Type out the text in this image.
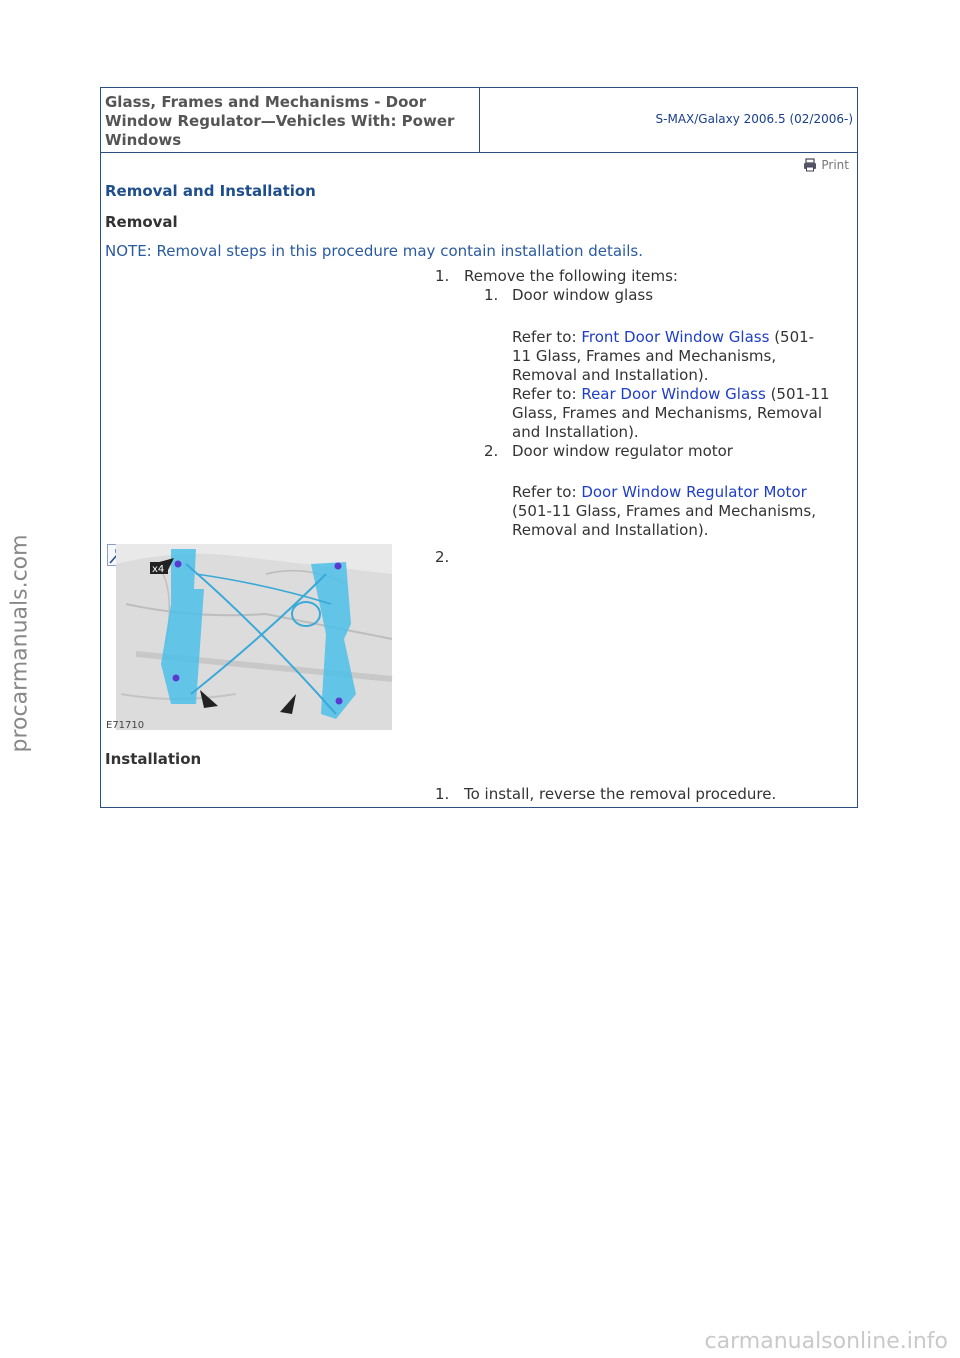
Glass, Frames and Mechanisms - Door Window Regulator—Vehicles With: Power Windows
S-MAX/Galaxy 2006.5 (02/2006-)
Print
Removal and Installation
Removal
NOTE: Removal steps in this procedure may contain installation details.
1. Remove the following items:
1. Door window glass
Refer to: Front Door Window Glass (501-
11 Glass, Frames and Mechanisms,
Removal and Installation).
Refer to: Rear Door Window Glass (501-11
Glass, Frames and Mechanisms, Removal
and Installation).
2. Door window regulator motor
Refer to: Door Window Regulator Motor
(501-11 Glass, Frames and Mechanisms,
Removal and Installation).
2.
x4
E71710
Installation
1. To install, reverse the removal procedure.
procarmanuals.com
carmanualsonline.info
